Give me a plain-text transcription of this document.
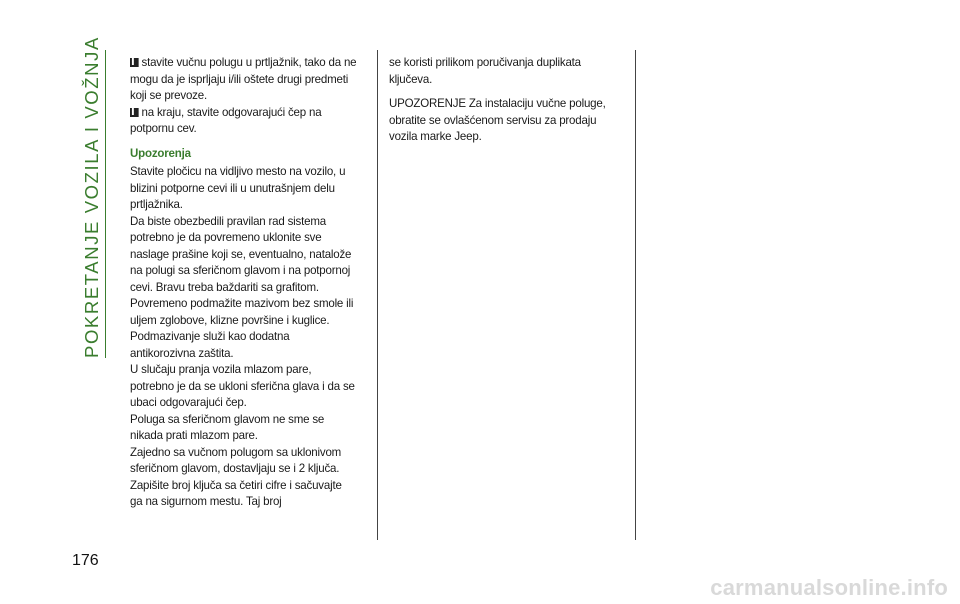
POKRETANJE VOZILA I VOŽNJA	stavite vučnu polugu u prtljažnik, tako da ne mogu da je isprljaju i/ili oštete drugi predmeti koji se prevoze.

na kraju, stavite odgovarajući čep na potpornu cev.

Upozorenja

Stavite pločicu na vidljivo mesto na vozilo, u blizini potporne cevi ili u unutrašnjem delu prtljažnika.

Da biste obezbedili pravilan rad sistema potrebno je da povremeno uklonite sve naslage prašine koji se, eventualno, natalože na polugi sa sferičnom glavom i na potpornoj cevi. Bravu treba baždariti sa grafitom.

Povremeno podmažite mazivom bez smole ili uljem zglobove, klizne površine i kuglice. Podmazivanje služi kao dodatna antikorozivna zaštita.

U slučaju pranja vozila mlazom pare, potrebno je da se ukloni sferična glava i da se ubaci odgovarajući čep.

Poluga sa sferičnom glavom ne sme se nikada prati mlazom pare.

Zajedno sa vučnom polugom sa uklonivom sferičnom glavom, dostavljaju se i 2 ključa.

Zapišite broj ključa sa četiri cifre i sačuvajte ga na sigurnom mestu. Taj broj

se koristi prilikom poručivanja duplikata ključeva.

UPOZORENJE Za instalaciju vučne poluge, obratite se ovlašćenom servisu za prodaju vozila marke Jeep.

176
carmanualsonline.info
